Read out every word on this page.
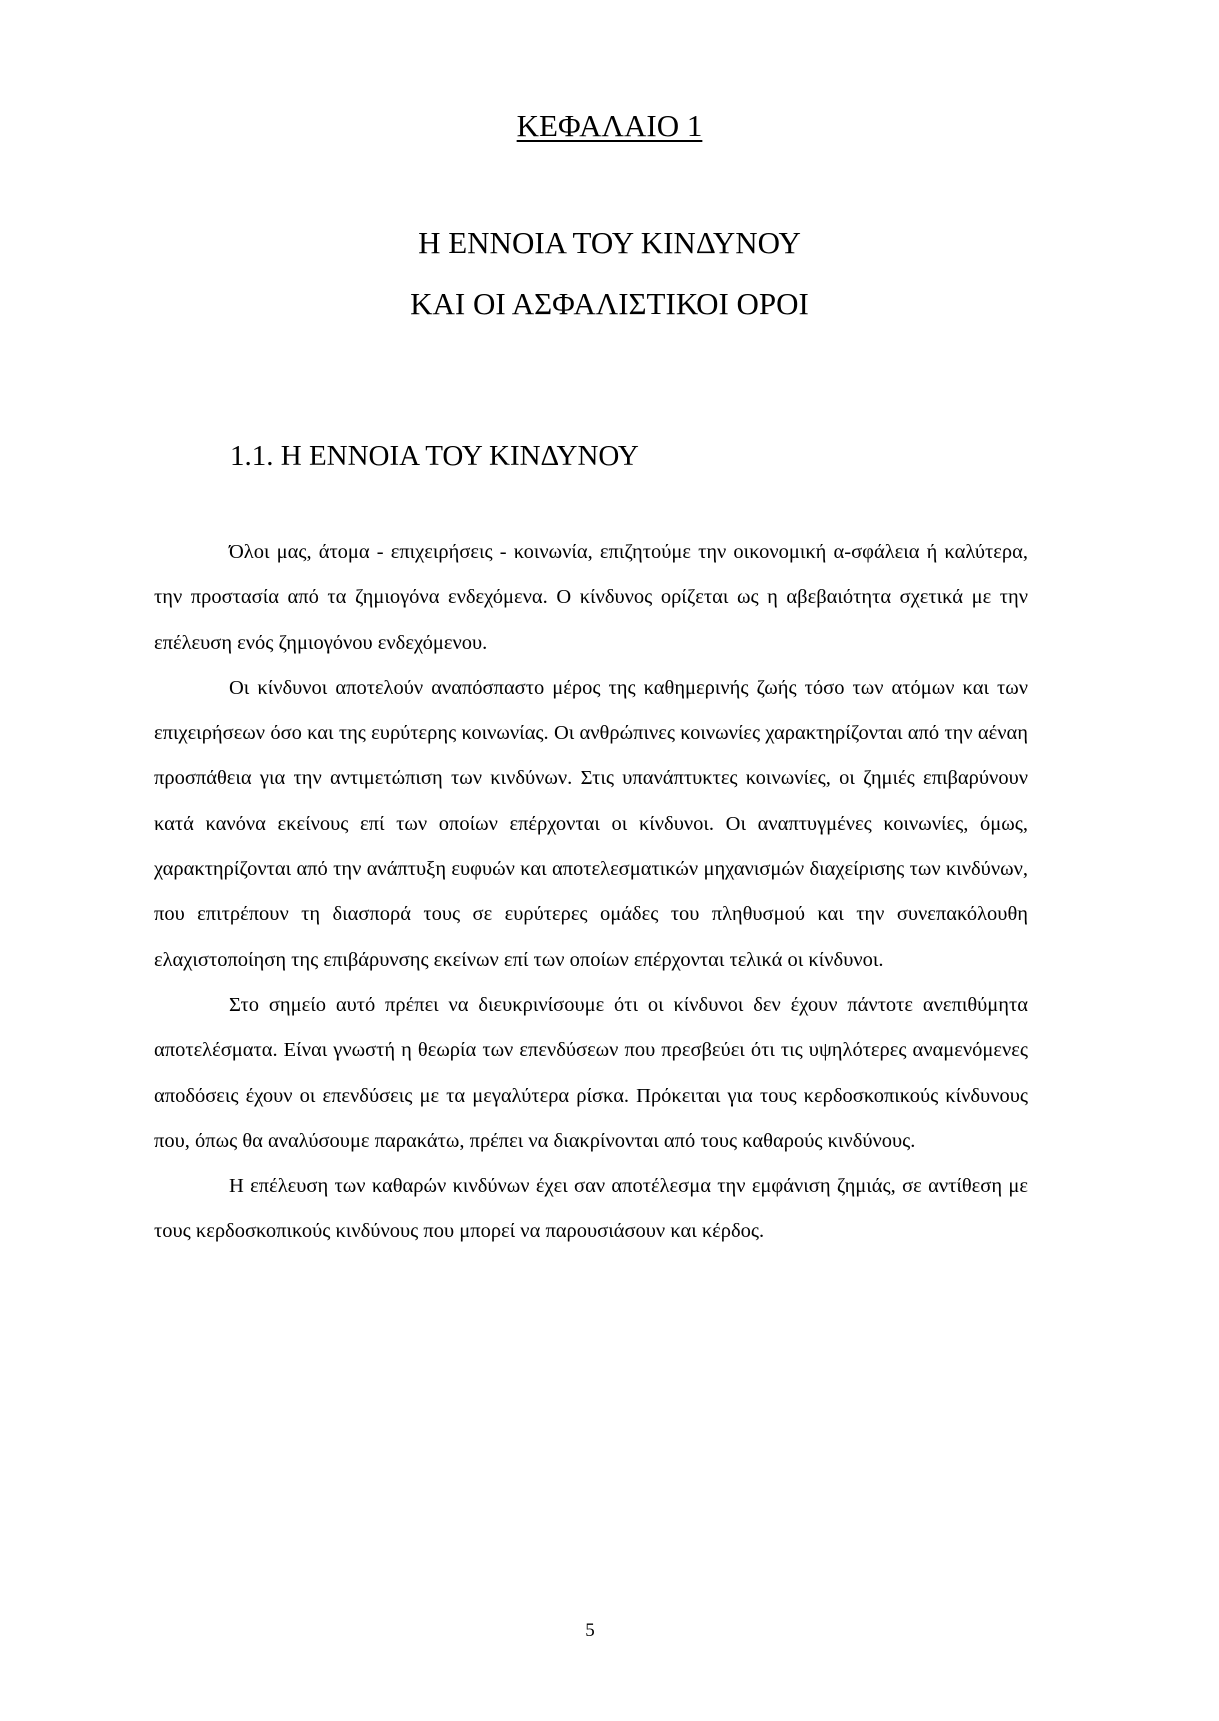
ΚΕΦΑΛΑΙΟ 1
Η ΕΝΝΟΙΑ ΤΟΥ ΚΙΝΔΥΝΟΥ
ΚΑΙ ΟΙ ΑΣΦΑΛΙΣΤΙΚΟΙ ΟΡΟΙ
1.1. Η ΕΝΝΟΙΑ ΤΟΥ ΚΙΝΔΥΝΟΥ

Όλοι μας, άτομα - επιχειρήσεις - κοινωνία, επιζητούμε την οικονομική α-σφάλεια ή καλύτερα, την προστασία από τα ζημιογόνα ενδεχόμενα. Ο κίνδυνος ορίζεται ως η αβεβαιότητα σχετικά με την επέλευση ενός ζημιογόνου ενδεχόμενου.

Οι κίνδυνοι αποτελούν αναπόσπαστο μέρος της καθημερινής ζωής τόσο των ατόμων και των επιχειρήσεων όσο και της ευρύτερης κοινωνίας. Οι ανθρώπινες κοινωνίες χαρακτηρίζονται από την αέναη προσπάθεια για την αντιμετώπιση των κινδύνων. Στις υπανάπτυκτες κοινωνίες, οι ζημιές επιβαρύνουν κατά κανόνα εκείνους επί των οποίων επέρχονται οι κίνδυνοι. Οι αναπτυγμένες κοινωνίες, όμως, χαρακτηρίζονται από την ανάπτυξη ευφυών και αποτελεσματικών μηχανισμών διαχείρισης των κινδύνων, που επιτρέπουν τη διασπορά τους σε ευρύτερες ομάδες του πληθυσμού και την συνεπακόλουθη ελαχιστοποίηση της επιβάρυνσης εκείνων επί των οποίων επέρχονται τελικά οι κίνδυνοι.

Στο σημείο αυτό πρέπει να διευκρινίσουμε ότι οι κίνδυνοι δεν έχουν πάντοτε ανεπιθύμητα αποτελέσματα. Είναι γνωστή η θεωρία των επενδύσεων που πρεσβεύει ότι τις υψηλότερες αναμενόμενες αποδόσεις έχουν οι επενδύσεις με τα μεγαλύτερα ρίσκα. Πρόκειται για τους κερδοσκοπικούς κίνδυνους που, όπως θα αναλύσουμε παρακάτω, πρέπει να διακρίνονται από τους καθαρούς κινδύνους.

Η επέλευση των καθαρών κινδύνων έχει σαν αποτέλεσμα την εμφάνιση ζημιάς, σε αντίθεση με τους κερδοσκοπικούς κινδύνους που μπορεί να παρουσιάσουν και κέρδος.

5
